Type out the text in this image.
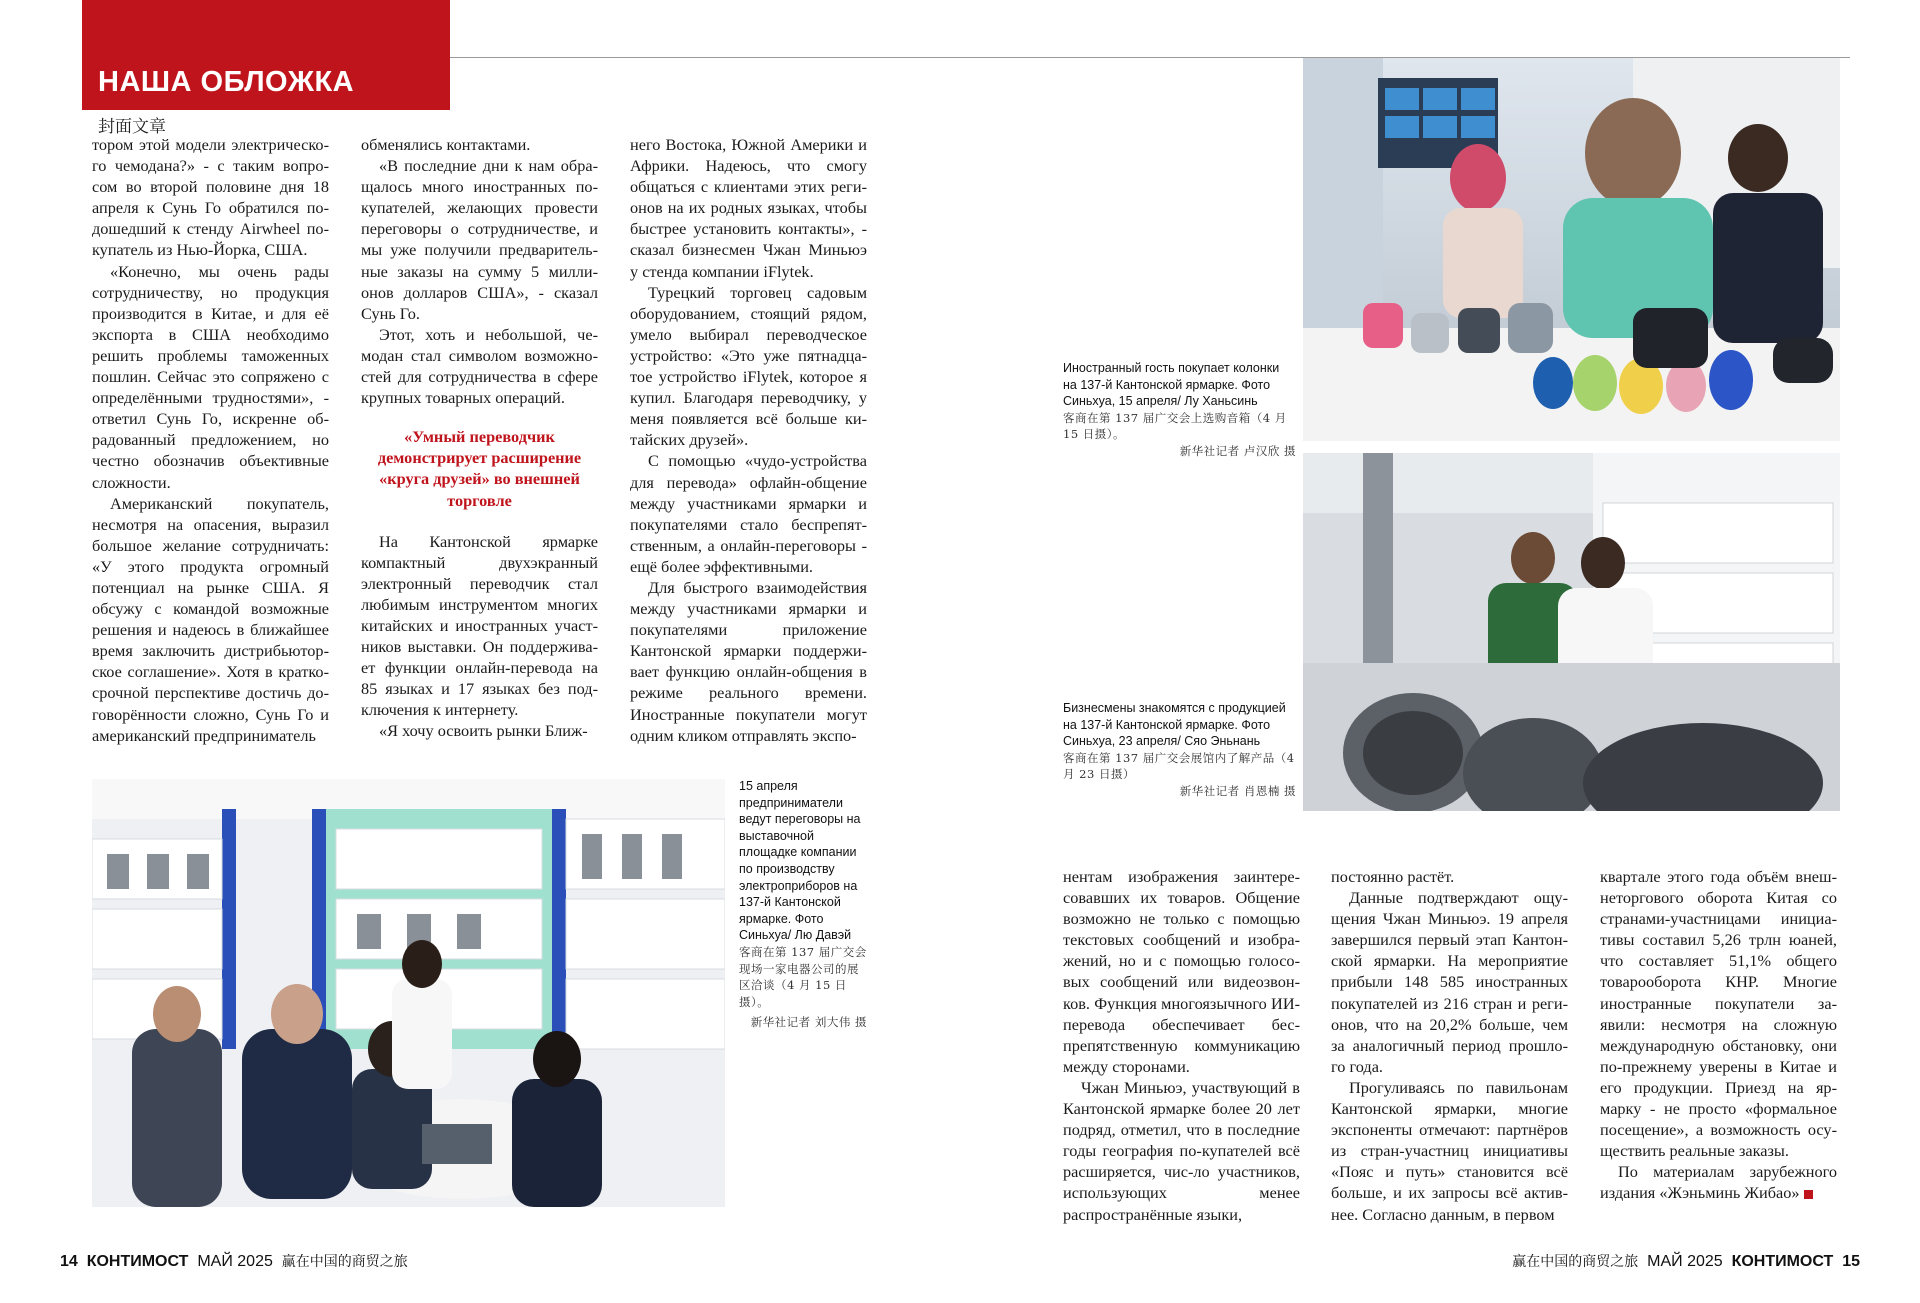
НАША ОБЛОЖКА
封面文章

тором этой модели электрическо-го чемодана?» - с таким вопро-сом во второй половине дня 18 апреля к Сунь Го обратился по-дошедший к стенду Airwheel по-купатель из Нью-Йорка, США.

«Конечно, мы очень рады сотрудничеству, но продукция производится в Китае, и для её экспорта в США необходимо решить проблемы таможенных пошлин. Сейчас это сопряжено с определёнными трудностями», - ответил Сунь Го, искренне об-радованный предложением, но честно обозначив объективные сложности.

Американский покупатель, несмотря на опасения, выразил большое желание сотрудничать: «У этого продукта огромный потенциал на рынке США. Я обсужу с командой возможные решения и надеюсь в ближайшее время заключить дистрибьютор-ское соглашение». Хотя в кратко-срочной перспективе достичь до-говорённости сложно, Сунь Го и американский предприниматель

обменялись контактами.

«В последние дни к нам обра-щалось много иностранных по-купателей, желающих провести переговоры о сотрудничестве, и мы уже получили предваритель-ные заказы на сумму 5 милли-онов долларов США», - сказал Сунь Го.

Этот, хоть и небольшой, че-модан стал символом возможно-стей для сотрудничества в сфере крупных товарных операций.

«Умный переводчик демонстрирует расширение «круга друзей» во внешней торговле

На Кантонской ярмарке компактный двухэкранный электронный переводчик стал любимым инструментом многих китайских и иностранных участ-ников выставки. Он поддержива-ет функции онлайн-перевода на 85 языках и 17 языках без под-ключения к интернету.

«Я хочу освоить рынки Ближ-

него Востока, Южной Америки и Африки. Надеюсь, что смогу общаться с клиентами этих реги-онов на их родных языках, чтобы быстрее установить контакты», - сказал бизнесмен Чжан Миньюэ у стенда компании iFlytek.

Турецкий торговец садовым оборудованием, стоящий рядом, умело выбирал переводческое устройство: «Это уже пятнадца-тое устройство iFlytek, которое я купил. Благодаря переводчику, у меня появляется всё больше ки-тайских друзей».

С помощью «чудо-устройства для перевода» офлайн-общение между участниками ярмарки и покупателями стало беспрепят-ственным, а онлайн-переговоры - ещё более эффективными.

Для быстрого взаимодействия между участниками ярмарки и покупателями приложение Кантонской ярмарки поддержи-вает функцию онлайн-общения в режиме реального времени. Иностранные покупатели могут одним кликом отправлять экспо-

Иностранный гость покупает колонки на 137-й Кантонской ярмарке. Фото Синьхуа, 15 апреля/ Лу Ханьсинь
客商在第 137 届广交会上选购音箱（4 月 15 日摄）。
新华社记者 卢汉欣 摄
Бизнесмены знакомятся с продукцией на 137-й Кантонской ярмарке. Фото Синьхуа, 23 апреля/ Сяо Эньнань
客商在第 137 届广交会展馆内了解产品（4 月 23 日摄）
新华社记者 肖恩楠 摄
15 апреля предприниматели ведут переговоры на выставочной площадке компании по производству электроприборов на 137-й Кантонской ярмарке. Фото Синьхуа/ Лю Давэй
客商在第 137 届广交会现场一家电器公司的展区洽谈（4 月 15 日摄）。
新华社记者 刘大伟 摄

нентам изображения заинтере-совавших их товаров. Общение возможно не только с помощью текстовых сообщений и изобра-жений, но и с помощью голосо-вых сообщений или видеозвон-ков. Функция многоязычного ИИ-перевода обеспечивает бес-препятственную коммуникацию между сторонами.

Чжан Миньюэ, участвующий в Кантонской ярмарке более 20 лет подряд, отметил, что в последние годы география по-купателей всё расширяется, чис-ло участников, использующих менее распространённые языки,

постоянно растёт.

Данные подтверждают ощу-щения Чжан Миньюэ. 19 апреля завершился первый этап Кантон-ской ярмарки. На мероприятие прибыли 148 585 иностранных покупателей из 216 стран и реги-онов, что на 20,2% больше, чем за аналогичный период прошло-го года.

Прогуливаясь по павильонам Кантонской ярмарки, многие экспоненты отмечают: партнёров из стран-участниц инициативы «Пояс и путь» становится всё больше, и их запросы всё актив-нее. Согласно данным, в первом

квартале этого года объём внеш-неторгового оборота Китая со странами-участницами инициа-тивы составил 5,26 трлн юаней, что составляет 51,1% общего товарооборота КНР. Многие иностранные покупатели за-явили: несмотря на сложную международную обстановку, они по-прежнему уверены в Китае и его продукции. Приезд на яр-марку - не просто «формальное посещение», а возможность осу-ществить реальные заказы.

По материалам зарубежного издания «Жэньминь Жибао»

14 КОНТИМОСТ МАЙ 2025 赢在中国的商贸之旅	赢在中国的商贸之旅 МАЙ 2025 КОНТИМОСТ 15
